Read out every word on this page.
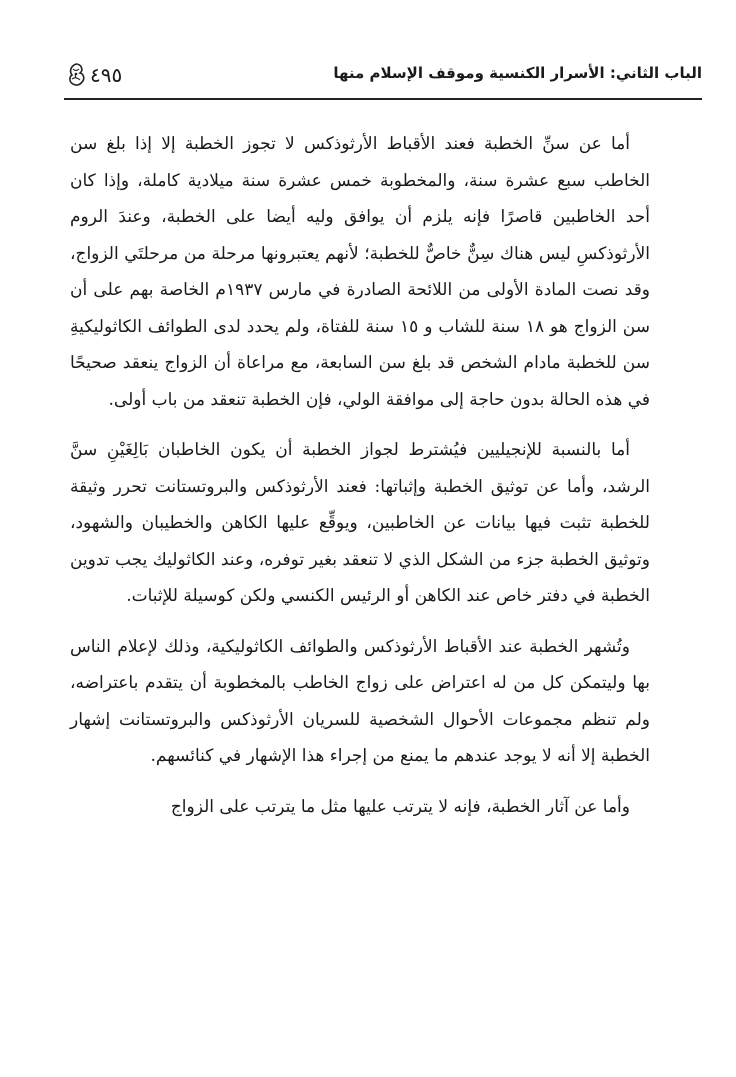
الباب الثاني: الأسرار الكنسية وموقف الإسلام منها
٤٩٥

أما عن سنِّ الخطبة فعند الأقباط الأرثوذكس لا تجوز الخطبة إلا إذا بلغ سن الخاطب سبع عشرة سنة، والمخطوبة خمس عشرة سنة ميلادية كاملة، وإذا كان أحد الخاطبين قاصرًا فإنه يلزم أن يوافق وليه أيضا على الخطبة، وعندَ الروم الأرثوذكسِ ليس هناك سِنٌّ خاصٌّ للخطبة؛ لأنهم يعتبرونها مرحلة من مرحلتَي الزواج، وقد نصت المادة الأولى من اللائحة الصادرة في مارس ١٩٣٧م الخاصة بهم على أن سن الزواج هو ١٨ سنة للشاب و ١٥ سنة للفتاة، ولم يحدد لدى الطوائف الكاثوليكيةِ سن للخطبة مادام الشخص قد بلغ سن السابعة، مع مراعاة أن الزواج ينعقد صحيحًا في هذه الحالة بدون حاجة إلى موافقة الولي، فإن الخطبة تنعقد من باب أولى.

أما بالنسبة للإنجيليين فيُشترط لجواز الخطبة أن يكون الخاطبان بَالِغَيْنِ سنَّ الرشد، وأما عن توثيق الخطبة وإثباتها: فعند الأرثوذكس والبروتستانت تحرر وثيقة للخطبة تثبت فيها بيانات عن الخاطبين، ويوقِّع عليها الكاهن والخطيبان والشهود، وتوثيق الخطبة جزء من الشكل الذي لا تنعقد بغير توفره، وعند الكاثوليك يجب تدوين الخطبة في دفتر خاص عند الكاهن أو الرئيس الكنسي ولكن كوسيلة للإثبات.

وتُشهر الخطبة عند الأقباط الأرثوذكس والطوائف الكاثوليكية، وذلك لإعلام الناس بها وليتمكن كل من له اعتراض على زواج الخاطب بالمخطوبة أن يتقدم باعتراضه، ولم تنظم مجموعات الأحوال الشخصية للسريان الأرثوذكس والبروتستانت إشهار الخطبة إلا أنه لا يوجد عندهم ما يمنع من إجراء هذا الإشهار في كنائسهم.

وأما عن آثار الخطبة، فإنه لا يترتب عليها مثل ما يترتب على الزواج
